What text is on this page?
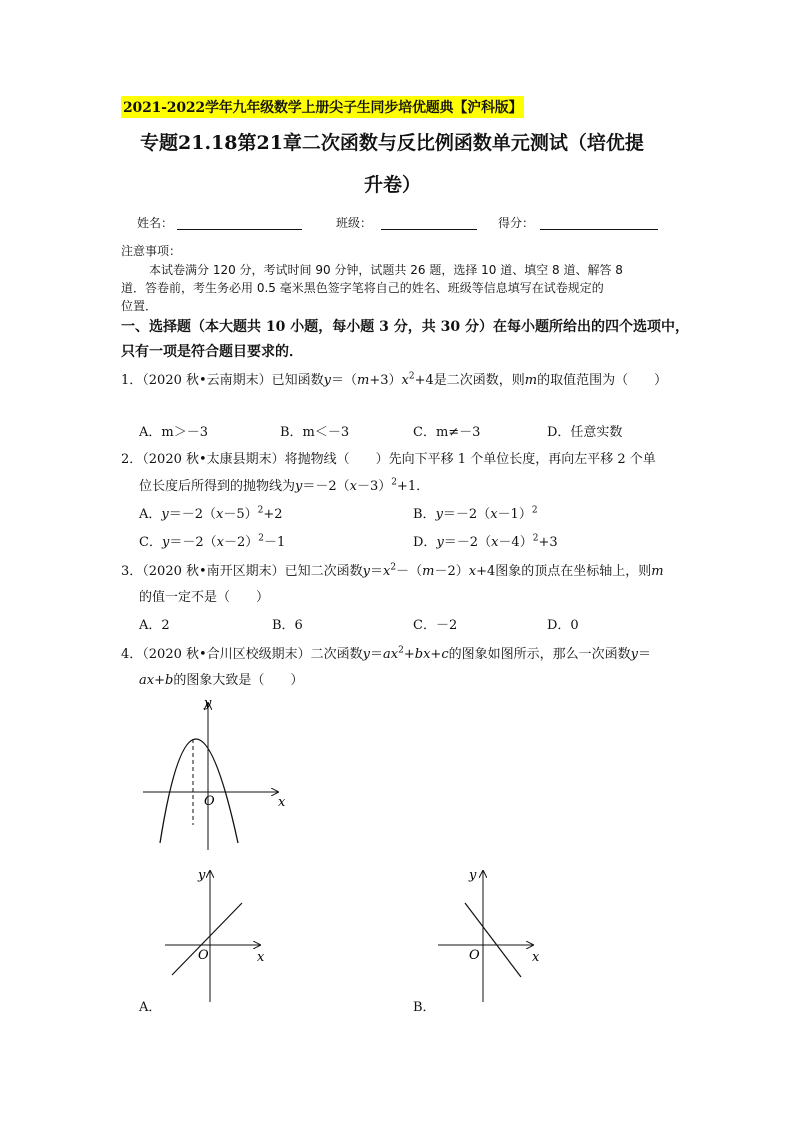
2021-2022学年九年级数学上册尖子生同步培优题典【沪科版】
专题21.18第21章二次函数与反比例函数单元测试（培优提
升卷）
姓名：	班级：	得分：
注意事项：
本试卷满分 120 分，考试时间 90 分钟，试题共 26 题，选择 10 道、填空 8 道、解答 8
道．答卷前，考生务必用 0.5 毫米黑色签字笔将自己的姓名、班级等信息填写在试卷规定的
位置．
一、选择题（本大题共 10 小题，每小题 3 分，共 30 分）在每小题所给出的四个选项中，
只有一项是符合题目要求的．
1．（2020 秋•云南期末）已知函数$y=(m+3)x^2+4$是二次函数，则m的取值范围为（　　）
A．m＞－3	B．m＜－3	C．m≠－3	D．任意实数
2．（2020 秋•太康县期末）将抛物线（　　）先向下平移 1 个单位长度，再向左平移 2 个单
位长度后所得到的抛物线为$y=-2(x-3)^2+1$．
A．$y=-2(x-5)^2+2$	B．$y=-2(x-1)^2$
C．$y=-2(x-2)^2-1$	D．$y=-2(x-4)^2+3$
3．（2020 秋•南开区期末）已知二次函数$y=x^2-(m-2)x+4$图象的顶点在坐标轴上，则m
的值一定不是（　　）
A．2	B．6	C．－2	D．0
4．（2020 秋•合川区校级期末）二次函数$y=ax^2+bx+c$的图象如图所示，那么一次函数y＝
ax+b的图象大致是（　　）
y
x
O
y
x
O
A．
y
x
O
B．
